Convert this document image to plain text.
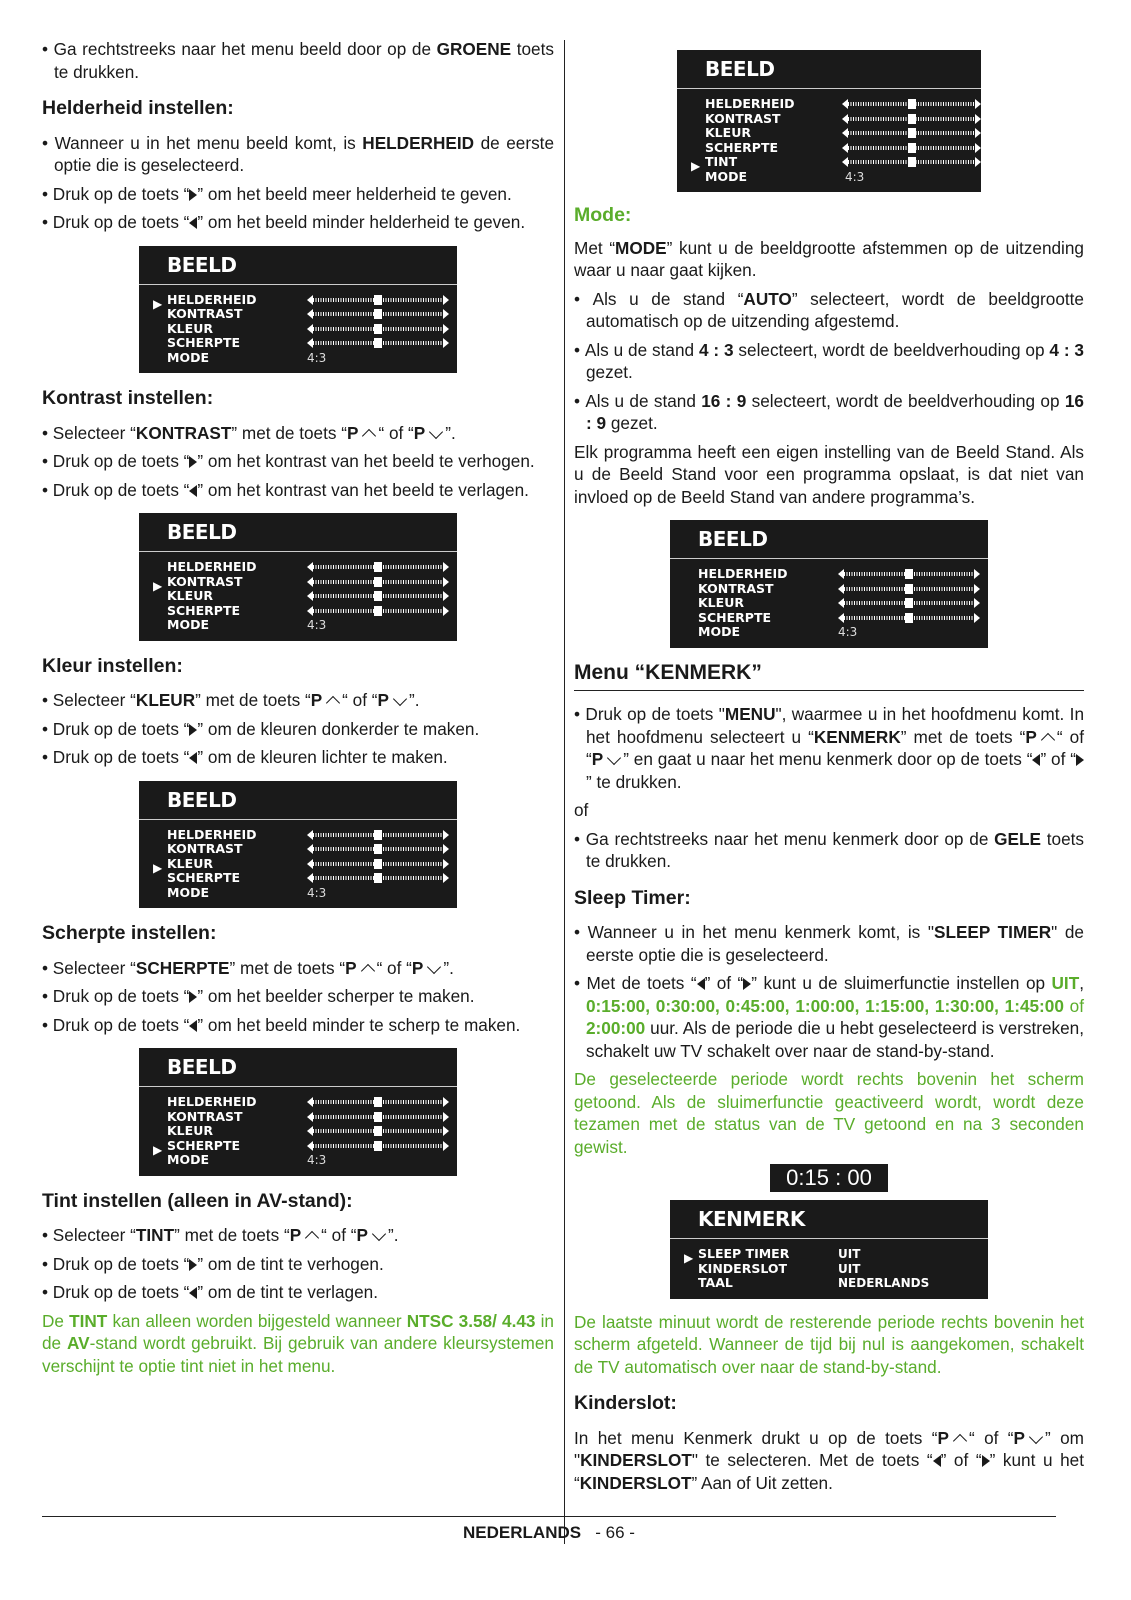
• Ga rechtstreeks naar het menu beeld door op de GROENE toets te drukken.

Helderheid instellen:

• Wanneer u in het menu beeld komt, is HELDERHEID de eerste optie die is geselecteerd.

• Druk op de toets “ ” om het beeld meer helderheid te geven.

• Druk op de toets “ ” om het beeld minder helderheid te geven.

BEELD
▶ HELDERHEID
KONTRAST
KLEUR
SCHERPTE
MODE	4:3

Kontrast instellen:

• Selecteer “KONTRAST” met de toets “P “ of “P ”.

• Druk op de toets “ ” om het kontrast van het beeld te verhogen.

• Druk op de toets “ ” om het kontrast van het beeld te verlagen.

BEELD
HELDERHEID
▶ KONTRAST
KLEUR
SCHERPTE
MODE	4:3

Kleur instellen:

• Selecteer “KLEUR” met de toets “P “ of “P ”.

• Druk op de toets “ ” om de kleuren donkerder te maken.

• Druk op de toets “ ” om de kleuren lichter te maken.

BEELD
HELDERHEID
KONTRAST
▶ KLEUR
SCHERPTE
MODE	4:3

Scherpte instellen:

• Selecteer “SCHERPTE” met de toets “P “ of “P ”.

• Druk op de toets “ ” om het beelder scherper te maken.

• Druk op de toets “ ” om het beeld minder te scherp te maken.

BEELD
HELDERHEID
KONTRAST
KLEUR
▶ SCHERPTE
MODE	4:3

Tint instellen (alleen in AV-stand):

• Selecteer “TINT” met de toets “P “ of “P ”.

• Druk op de toets “ ” om de tint te verhogen.

• Druk op de toets “ ” om de tint te verlagen.

De TINT kan alleen worden bijgesteld wanneer NTSC 3.58/ 4.43 in de AV-stand wordt gebruikt. Bij gebruik van andere kleursystemen verschijnt te optie tint niet in het menu.

BEELD
HELDERHEID
KONTRAST
KLEUR
SCHERPTE
▶ TINT
MODE	4:3

Mode:

Met “MODE” kunt u de beeldgrootte afstemmen op de uitzending waar u naar gaat kijken.

• Als u de stand “AUTO” selecteert, wordt de beeldgrootte automatisch op de uitzending afgestemd.

• Als u de stand 4 : 3 selecteert, wordt de beeldverhouding op 4 : 3 gezet.

• Als u de stand 16 : 9 selecteert, wordt de beeldverhouding op 16 : 9 gezet.

Elk programma heeft een eigen instelling van de Beeld Stand. Als u de Beeld Stand voor een programma opslaat, is dat niet van invloed op de Beeld Stand van andere programma’s.

BEELD
HELDERHEID
KONTRAST
KLEUR
SCHERPTE
MODE	4:3

Menu “KENMERK”

• Druk op de toets "MENU", waarmee u in het hoofdmenu komt. In het hoofdmenu selecteert u “KENMERK” met de toets “P “ of “P ” en gaat u naar het menu kenmerk door op de toets “ ” of “” te drukken.

of

• Ga rechtstreeks naar het menu kenmerk door op de GELE toets te drukken.

Sleep Timer:

• Wanneer u in het menu kenmerk komt, is "SLEEP TIMER" de eerste optie die is geselecteerd.

• Met de toets “ ” of “ ” kunt u de sluimerfunctie instellen op UIT, 0:15:00, 0:30:00, 0:45:00, 1:00:00, 1:15:00, 1:30:00, 1:45:00 of 2:00:00 uur. Als de periode die u hebt geselecteerd is verstreken, schakelt uw TV schakelt over naar de stand-by-stand.

De geselecteerde periode wordt rechts bovenin het scherm getoond. Als de sluimerfunctie geactiveerd wordt, wordt deze tezamen met de status van de TV getoond en na 3 seconden gewist.

0:15 : 00
KENMERK
▶ SLEEP TIMER	UIT
KINDERSLOT	UIT
TAAL	NEDERLANDS

De laatste minuut wordt de resterende periode rechts bovenin het scherm afgeteld. Wanneer de tijd bij nul is aangekomen, schakelt de TV automatisch over naar de stand-by-stand.

Kinderslot:

In het menu Kenmerk drukt u op de toets “P “ of “P ” om "KINDERSLOT" te selecteren. Met de toets “ ” of “ ” kunt u het “KINDERSLOT” Aan of Uit zetten.

NEDERLANDS - 66 -
